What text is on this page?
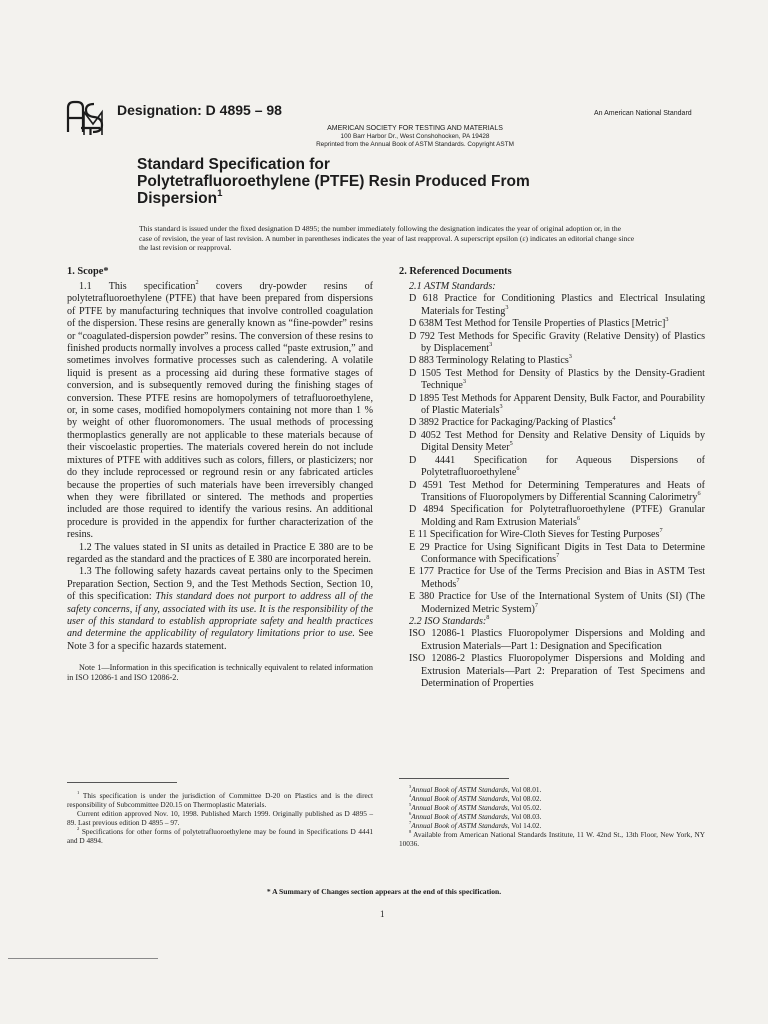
Designation: D 4895 – 98	An American National Standard
AMERICAN SOCIETY FOR TESTING AND MATERIALS
100 Barr Harbor Dr., West Conshohocken, PA 19428
Reprinted from the Annual Book of ASTM Standards. Copyright ASTM
Standard Specification for
Polytetrafluoroethylene (PTFE) Resin Produced From
Dispersion$^1$
This standard is issued under the fixed designation D 4895; the number immediately following the designation indicates the year of original adoption or, in the case of revision, the year of last revision. A number in parentheses indicates the year of last reapproval. A superscript epsilon (ε) indicates an editorial change since the last revision or reapproval.
1. Scope*

1.1 This specification$^2$ covers dry-powder resins of polytetrafluoroethylene (PTFE) that have been prepared from dispersions of PTFE by manufacturing techniques that involve controlled coagulation of the dispersion. These resins are generally known as “fine-powder” resins or “coagulated-dispersion powder” resins. The conversion of these resins to finished products normally involves a process called “paste extrusion,” and sometimes involves formative processes such as calendering. A volatile liquid is present as a processing aid during these formative stages of conversion, and is subsequently removed during the finishing stages of conversion. These PTFE resins are homopolymers of tetrafluoroethylene, or, in some cases, modified homopolymers containing not more than 1 % by weight of other fluoromonomers. The usual methods of processing thermoplastics generally are not applicable to these materials because of their viscoelastic properties. The materials covered herein do not include mixtures of PTFE with additives such as colors, fillers, or plasticizers; nor do they include reprocessed or reground resin or any fabricated articles because the properties of such materials have been irreversibly changed when they were fibrillated or sintered. The methods and properties included are those required to identify the various resins. An additional procedure is provided in the appendix for further characterization of the resins.

1.2 The values stated in SI units as detailed in Practice E 380 are to be regarded as the standard and the practices of E 380 are incorporated herein.

1.3 The following safety hazards caveat pertains only to the Specimen Preparation Section, Section 9, and the Test Methods Section, Section 10, of this specification: This standard does not purport to address all of the safety concerns, if any, associated with its use. It is the responsibility of the user of this standard to establish appropriate safety and health practices and determine the applicability of regulatory limitations prior to use. See Note 3 for a specific hazards statement.

Note 1—Information in this specification is technically equivalent to related information in ISO 12086-1 and ISO 12086-2.
2. Referenced Documents
2.1 ASTM Standards:
D 618 Practice for Conditioning Plastics and Electrical Insulating Materials for Testing$^3$
D 638M Test Method for Tensile Properties of Plastics [Metric]$^3$
D 792 Test Methods for Specific Gravity (Relative Density) of Plastics by Displacement$^3$
D 883 Terminology Relating to Plastics$^3$
D 1505 Test Method for Density of Plastics by the Density-Gradient Technique$^3$
D 1895 Test Methods for Apparent Density, Bulk Factor, and Pourability of Plastic Materials$^3$
D 3892 Practice for Packaging/Packing of Plastics$^4$
D 4052 Test Method for Density and Relative Density of Liquids by Digital Density Meter$^5$
D 4441 Specification for Aqueous Dispersions of Polytetrafluoroethylene$^6$
D 4591 Test Method for Determining Temperatures and Heats of Transitions of Fluoropolymers by Differential Scanning Calorimetry$^6$
D 4894 Specification for Polytetrafluoroethylene (PTFE) Granular Molding and Ram Extrusion Materials$^6$
E 11 Specification for Wire-Cloth Sieves for Testing Purposes$^7$
E 29 Practice for Using Significant Digits in Test Data to Determine Conformance with Specifications$^7$
E 177 Practice for Use of the Terms Precision and Bias in ASTM Test Methods$^7$
E 380 Practice for Use of the International System of Units (SI) (The Modernized Metric System)$^7$
2.2 ISO Standards:$^8$
ISO 12086-1 Plastics Fluoropolymer Dispersions and Molding and Extrusion Materials—Part 1: Designation and Specification
ISO 12086-2 Plastics Fluoropolymer Dispersions and Molding and Extrusion Materials—Part 2: Preparation of Test Specimens and Determination of Properties

$^1$ This specification is under the jurisdiction of Committee D-20 on Plastics and is the direct responsibility of Subcommittee D20.15 on Thermoplastic Materials.

Current edition approved Nov. 10, 1998. Published March 1999. Originally published as D 4895 – 89. Last previous edition D 4895 – 97.

$^2$ Specifications for other forms of polytetrafluoroethylene may be found in Specifications D 4441 and D 4894.

$^3$Annual Book of ASTM Standards, Vol 08.01.

$^4$Annual Book of ASTM Standards, Vol 08.02.

$^5$Annual Book of ASTM Standards, Vol 05.02.

$^6$Annual Book of ASTM Standards, Vol 08.03.

$^7$Annual Book of ASTM Standards, Vol 14.02.

$^8$ Available from American National Standards Institute, 11 W. 42nd St., 13th Floor, New York, NY 10036.

* A Summary of Changes section appears at the end of this specification.
1
